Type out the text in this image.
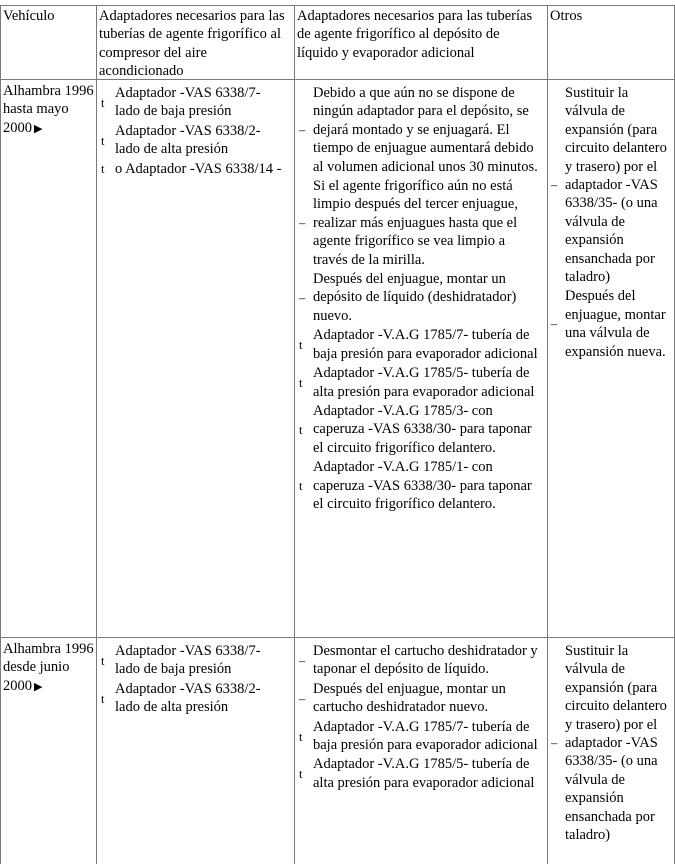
Vehículo	Adaptadores necesarios para las tuberías de agente frigorífico al compresor del aire acondicionado
Adaptadores necesarios para las tuberías de agente frigorífico al depósito de líquido y evaporador adicional
Otros
Alhambra 1996 hasta mayo 2000 ▶
t
Adaptador -VAS 6338/7- lado de baja presión
t
Adaptador -VAS 6338/2- lado de alta presión
t o Adaptador -VAS 6338/14 -
–
Debido a que aún no se dispone de ningún adaptador para el depósito, se dejará montado y se enjuagará. El tiempo de enjuague aumentará debido al volumen adicional unos 30 minutos.
–
Si el agente frigorífico aún no está limpio después del tercer enjuague, realizar más enjuagues hasta que el agente frigorífico se vea limpio a través de la mirilla.
–
Después del enjuague, montar un depósito de líquido (deshidratador) nuevo.
t
Adaptador -V.A.G 1785/7- tubería de baja presión para evaporador adicional
t
Adaptador -V.A.G 1785/5- tubería de alta presión para evaporador adicional
t
Adaptador -V.A.G 1785/3- con caperuza -VAS 6338/30- para taponar el circuito frigorífico delantero.
t
Adaptador -V.A.G 1785/1- con caperuza -VAS 6338/30- para taponar el circuito frigorífico delantero.
–
Sustituir la válvula de expansión (para circuito delantero y trasero) por el adaptador -VAS 6338/35- (o una válvula de expansión ensanchada por taladro)
–
Después del enjuague, montar una válvula de expansión nueva.
Alhambra 1996 desde junio 2000 ▶
t
Adaptador -VAS 6338/7- lado de baja presión
t
Adaptador -VAS 6338/2- lado de alta presión
–
Desmontar el cartucho deshidratador y taponar el depósito de líquido.
–
Después del enjuague, montar un cartucho deshidratador nuevo.
t
Adaptador -V.A.G 1785/7- tubería de baja presión para evaporador adicional
t
Adaptador -V.A.G 1785/5- tubería de alta presión para evaporador adicional
–
Sustituir la válvula de expansión (para circuito delantero y trasero) por el adaptador -VAS 6338/35- (o una válvula de expansión ensanchada por taladro)
